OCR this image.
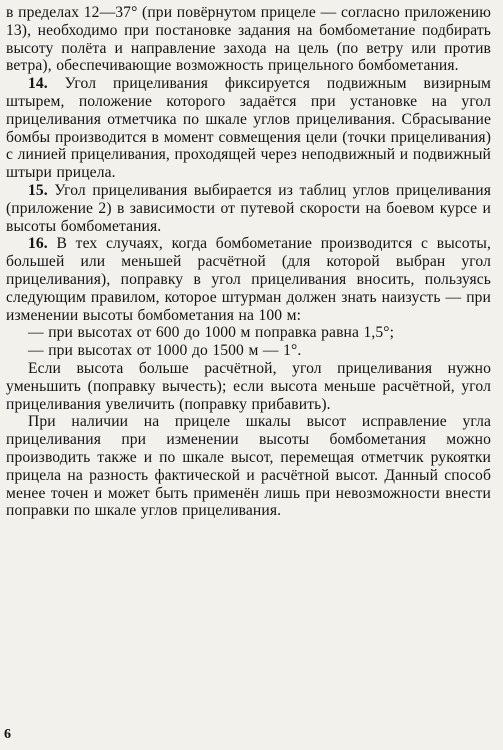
в пределах 12—37° (при повёрнутом прицеле — согласно приложению 13), необходимо при постановке задания на бомбометание подбирать высоту полёта и направление захода на цель (по ветру или против ветра), обеспечивающие возможность прицельного бомбометания.

14. Угол прицеливания фиксируется подвижным визирным штырем, положение которого задаётся при установке на угол прицеливания отметчика по шкале углов прицеливания. Сбрасывание бомбы производится в момент совмещения цели (точки прицеливания) с линией прицеливания, проходящей через неподвижный и подвижный штыри прицела.

15. Угол прицеливания выбирается из таблиц углов прицеливания (приложение 2) в зависимости от путевой скорости на боевом курсе и высоты бомбометания.

16. В тех случаях, когда бомбометание производится с высоты, большей или меньшей расчётной (для которой выбран угол прицеливания), поправку в угол прицеливания вносить, пользуясь следующим правилом, которое штурман должен знать наизусть — при изменении высоты бомбометания на 100 м:

— при высотах от 600 до 1000 м поправка равна 1,5°;

— при высотах от 1000 до 1500 м — 1°.

Если высота больше расчётной, угол прицеливания нужно уменьшить (поправку вычесть); если высота меньше расчётной, угол прицеливания увеличить (поправку прибавить).

При наличии на прицеле шкалы высот исправление угла прицеливания при изменении высоты бомбометания можно производить также и по шкале высот, перемещая отметчик рукоятки прицела на разность фактической и расчётной высот. Данный способ менее точен и может быть применён лишь при невозможности внести поправки по шкале углов прицеливания.

6
